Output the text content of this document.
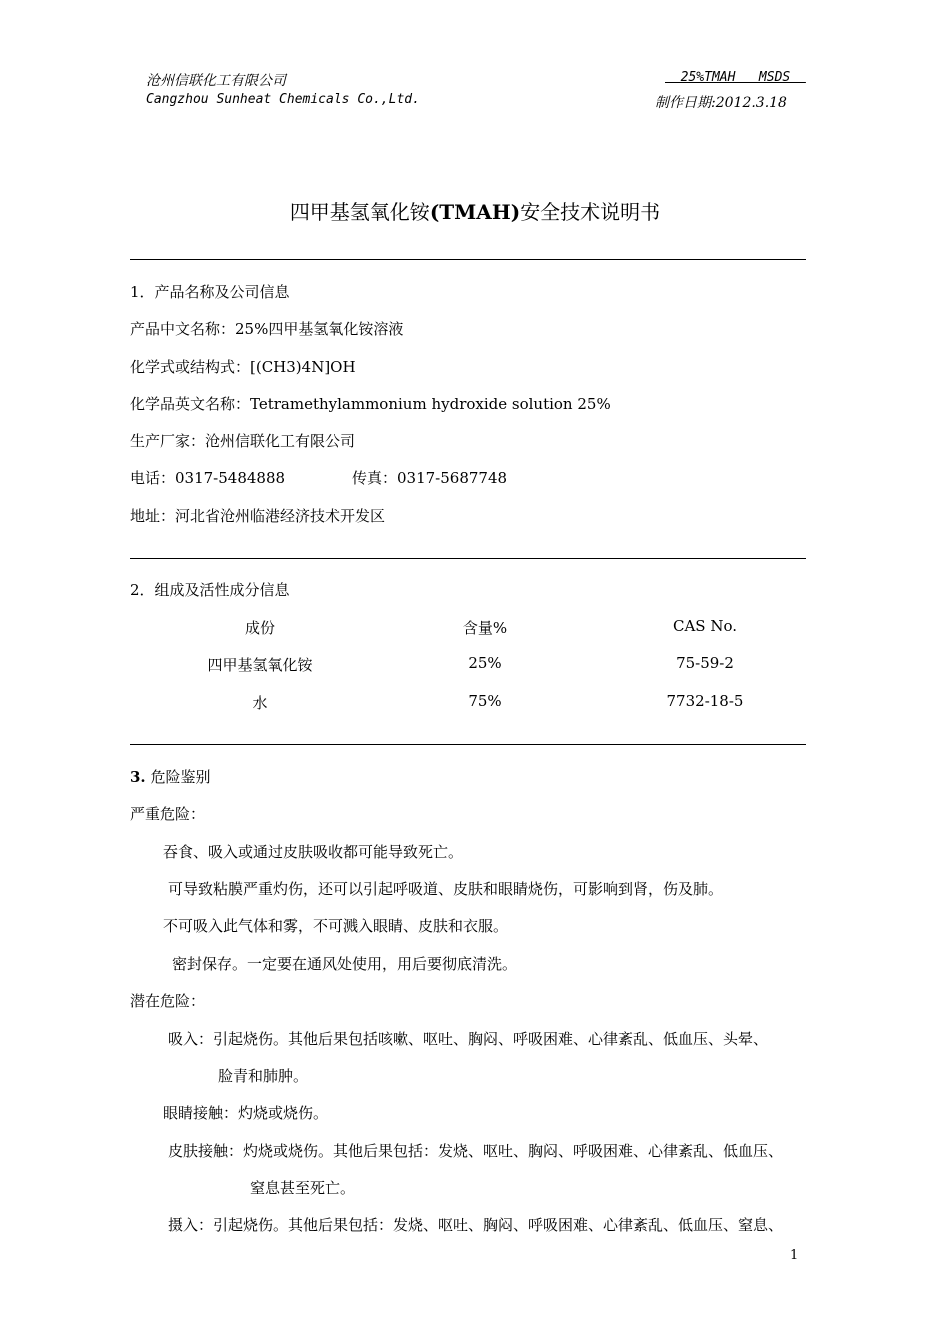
沧州信联化工有限公司
Cangzhou Sunheat Chemicals Co.,Ltd.
25%TMAH   MSDS
制作日期:2012.3.18
四甲基氢氧化铵(TMAH)安全技术说明书
1．产品名称及公司信息
产品中文名称：25%四甲基氢氧化铵溶液
化学式或结构式：[(CH3)4N]OH
化学品英文名称：Tetramethylammonium hydroxide solution 25%
生产厂家：沧州信联化工有限公司
电话：0317-5484888	传真：0317-5687748
地址：河北省沧州临港经济技术开发区
2．组成及活性成分信息
成份	含量%	CAS No.
四甲基氢氧化铵	25%	75-59-2
水	75%	7732-18-5
3. 危险鉴别
严重危险：
吞食、吸入或通过皮肤吸收都可能导致死亡。
可导致粘膜严重灼伤，还可以引起呼吸道、皮肤和眼睛烧伤，可影响到肾，伤及肺。
不可吸入此气体和雾，不可溅入眼睛、皮肤和衣服。
密封保存。一定要在通风处使用，用后要彻底清洗。
潜在危险：
吸入：引起烧伤。其他后果包括咳嗽、呕吐、胸闷、呼吸困难、心律紊乱、低血压、头晕、
脸青和肺肿。
眼睛接触：灼烧或烧伤。
皮肤接触：灼烧或烧伤。其他后果包括：发烧、呕吐、胸闷、呼吸困难、心律紊乱、低血压、
窒息甚至死亡。
摄入：引起烧伤。其他后果包括：发烧、呕吐、胸闷、呼吸困难、心律紊乱、低血压、窒息、
1
